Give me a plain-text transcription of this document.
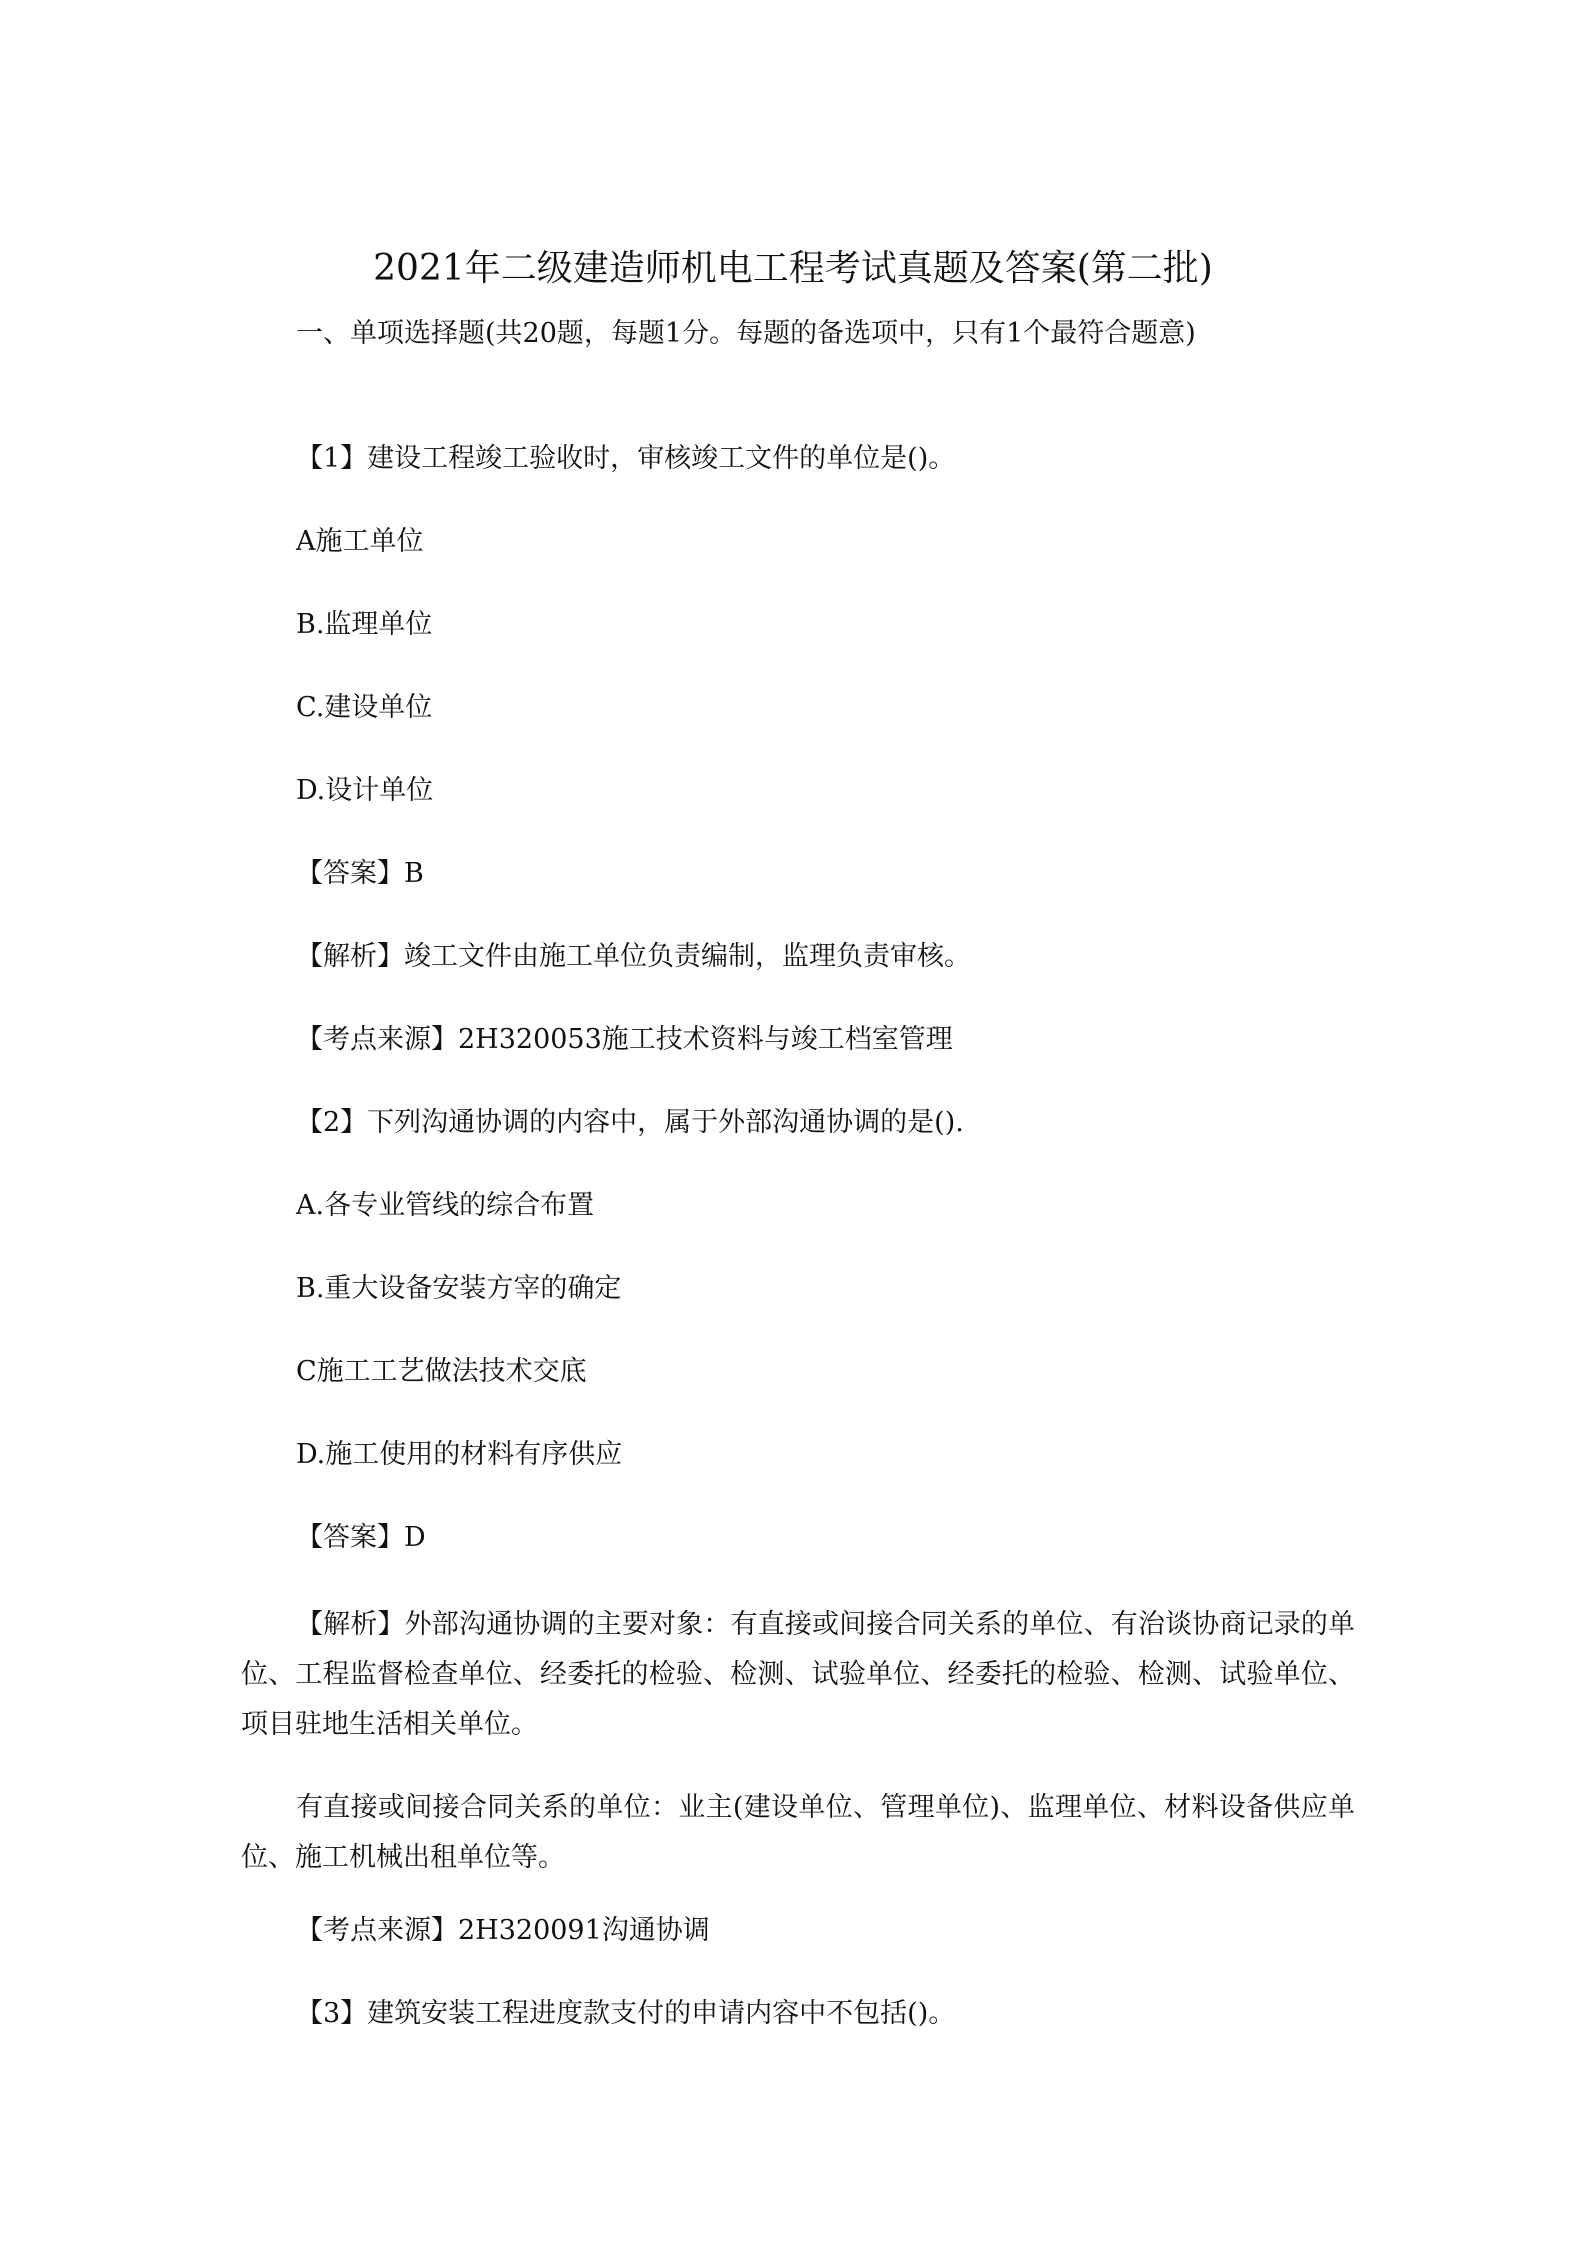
2021年二级建造师机电工程考试真题及答案(第二批)
一、单项选择题(共20题，每题1分。每题的备选项中，只有1个最符合题意)
【1】建设工程竣工验收时，审核竣工文件的单位是()。
A施工单位
B.监理单位
C.建设单位
D.设计单位
【答案】B
【解析】竣工文件由施工单位负责编制，监理负责审核。
【考点来源】2H320053施工技术资料与竣工档室管理
【2】下列沟通协调的内容中，属于外部沟通协调的是().
A.各专业管线的综合布置
B.重大设备安装方宰的确定
C施工工艺做法技术交底
D.施工使用的材料有序供应
【答案】D
【解析】外部沟通协调的主要对象：有直接或间接合同关系的单位、有治谈协商记录的单位、工程监督检查单位、经委托的检验、检测、试验单位、经委托的检验、检测、试验单位、项目驻地生活相关单位。
有直接或间接合同关系的单位：业主(建设单位、管理单位)、监理单位、材料设备供应单位、施工机械出租单位等。
【考点来源】2H320091沟通协调
【3】建筑安装工程进度款支付的申请内容中不包括()。
